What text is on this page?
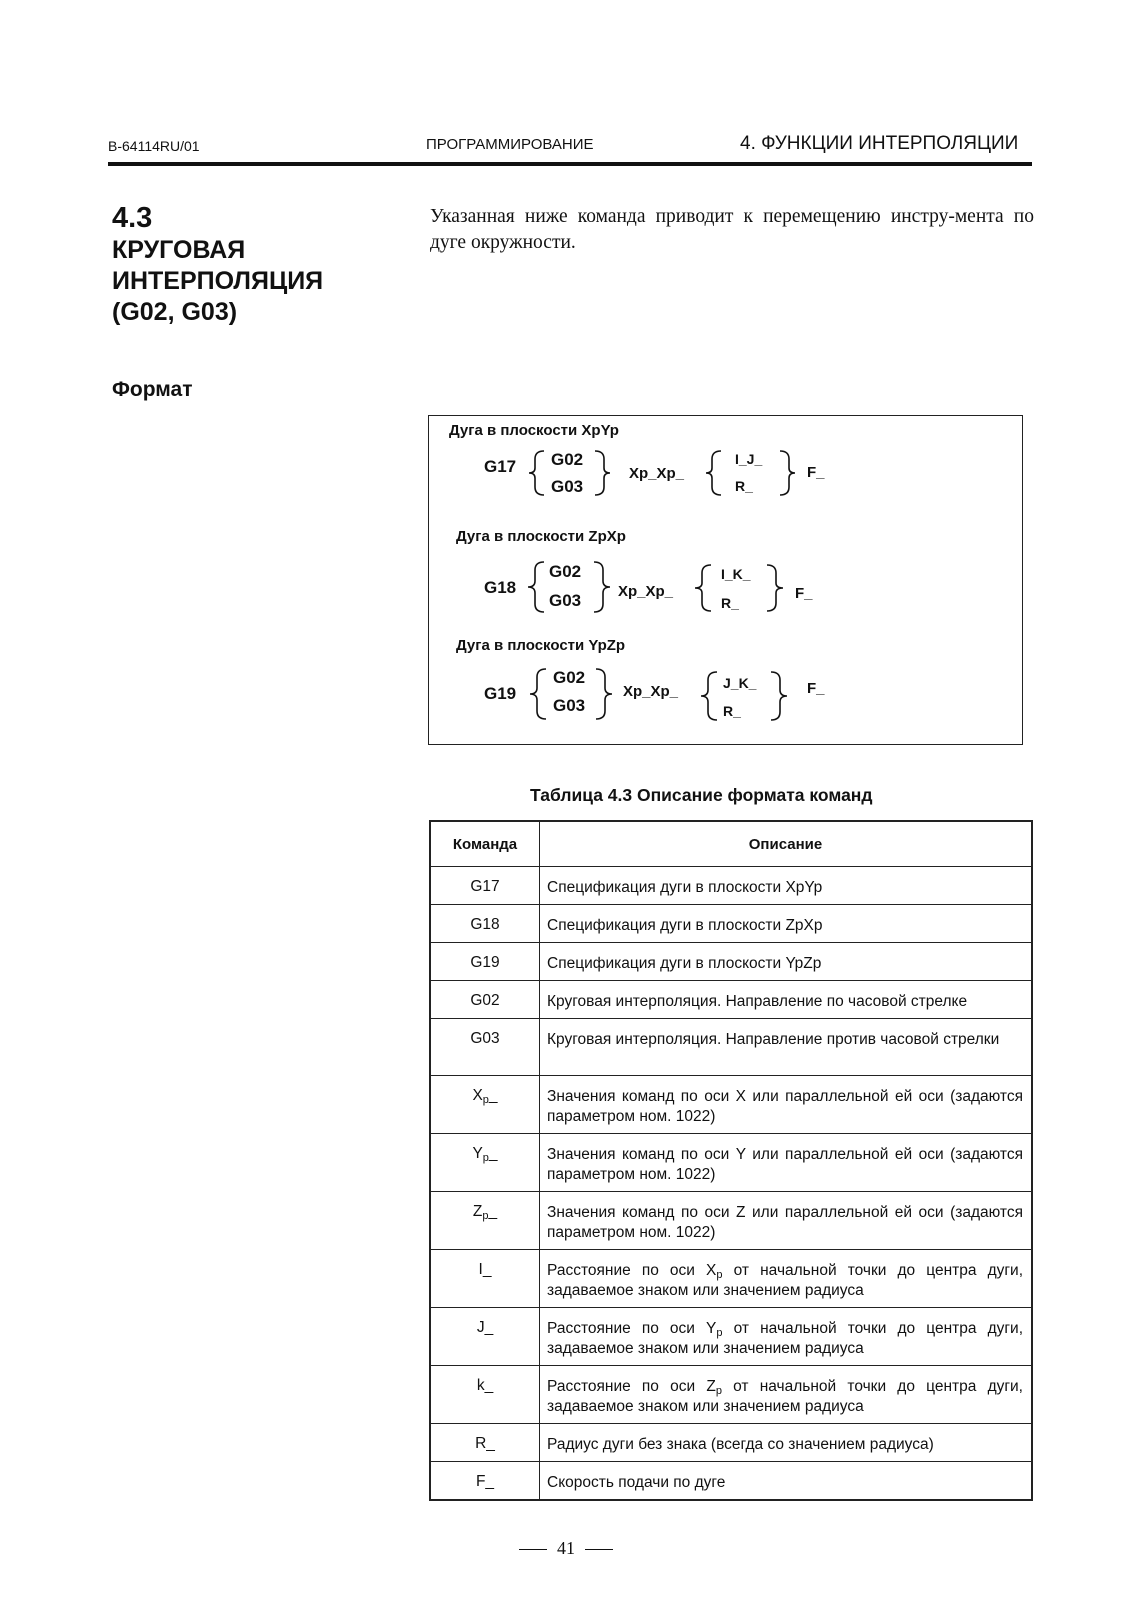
B-64114RU/01	ПРОГРАММИРОВАНИЕ	4. ФУНКЦИИ ИНТЕРПОЛЯЦИИ
4.3
КРУГОВАЯ ИНТЕРПОЛЯЦИЯ (G02, G03)
Формат
Указанная ниже команда приводит к перемещению инстру-мента по дуге окружности.
Дуга в плоскости XpYp
G17 G02
G03
Xp_Xp_
I_J_
R_
F_
Дуга в плоскости ZpXp
G18
G02
G03 Xp_Xp_
I_K_
R_
F_
Дуга в плоскости YpZp
G19
G02
G03
Xp_Xp_	J_K_
R_
F_
Таблица 4.3 Описание формата команд
Команда	Описание
G17	Спецификация дуги в плоскости XpYp
G18	Спецификация дуги в плоскости ZpXp
G19	Спецификация дуги в плоскости YpZp
G02	Круговая интерполяция. Направление по часовой стрелке
G03	Круговая интерполяция. Направление против часовой стрелки
$X_p\_$	Значения команд по оси X или параллельной ей оси (задаются параметром ном. 1022)
$Y_p\_$	Значения команд по оси Y или параллельной ей оси (задаются параметром ном. 1022)
$Z_p\_$	Значения команд по оси Z или параллельной ей оси (задаются параметром ном. 1022)
I_	Расстояние по оси $X_p$ от начальной точки до центра дуги, задаваемое знаком или значением радиуса
J_	Расстояние по оси $Y_p$ от начальной точки до центра дуги, задаваемое знаком или значением радиуса
k_	Расстояние по оси $Z_p$ от начальной точки до центра дуги, задаваемое знаком или значением радиуса
R_	Радиус дуги без знака (всегда со значением радиуса)
F_	Скорость подачи по дуге
41
